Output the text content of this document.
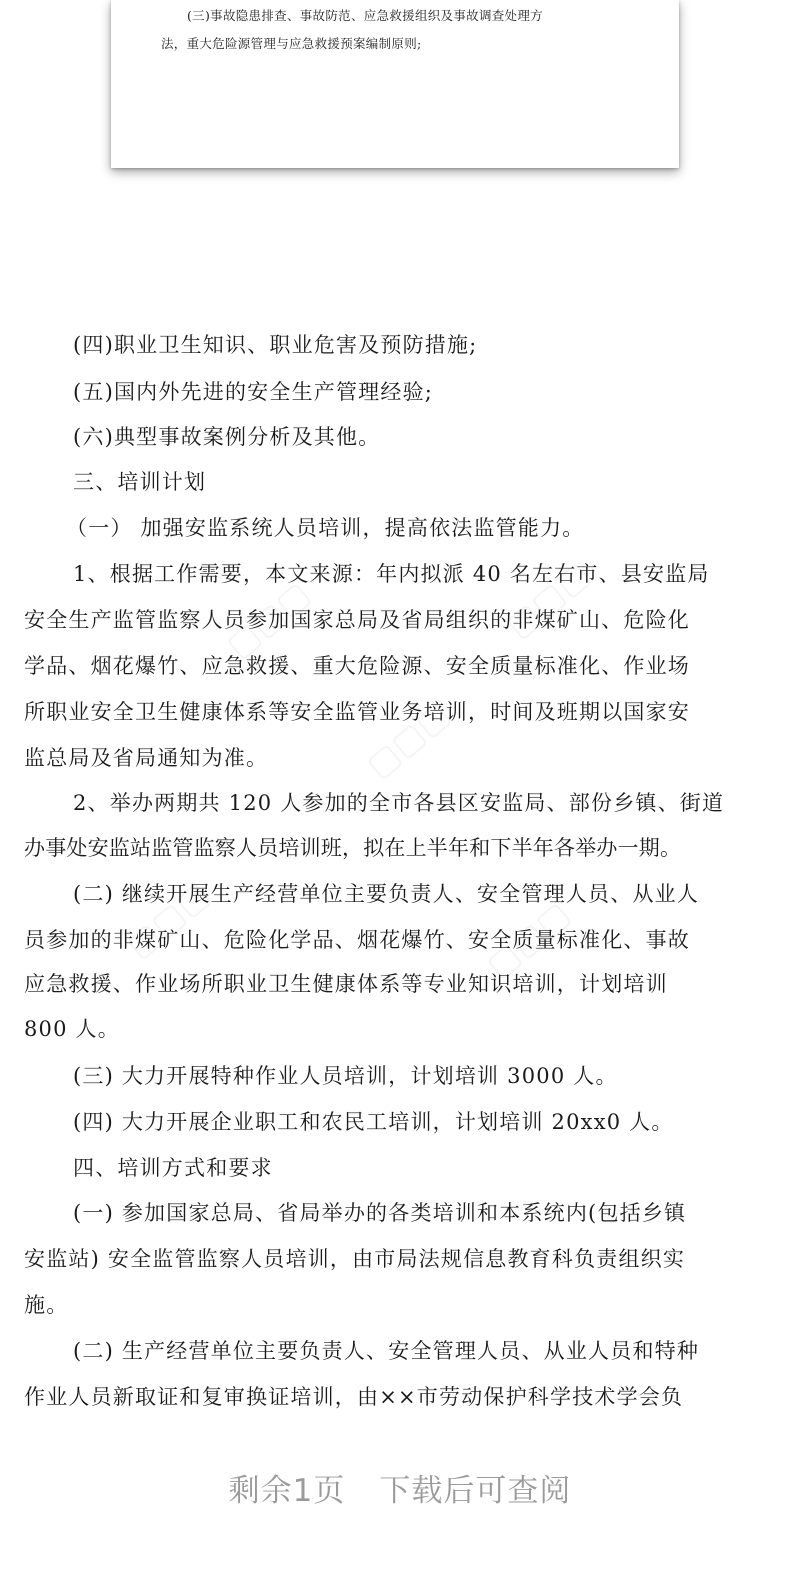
(三)事故隐患排查、事故防范、应急救援组织及事故调查处理方

法，重大危险源管理与应急救援预案编制原则;

(四)职业卫生知识、职业危害及预防措施;
(五)国内外先进的安全生产管理经验;
(六)典型事故案例分析及其他。
三、培训计划
（一） 加强安监系统人员培训，提高依法监管能力。
1、根据工作需要，本文来源：年内拟派 40 名左右市、县安监局
安全生产监管监察人员参加国家总局及省局组织的非煤矿山、危险化
学品、烟花爆竹、应急救援、重大危险源、安全质量标准化、作业场
所职业安全卫生健康体系等安全监管业务培训，时间及班期以国家安
监总局及省局通知为准。
2、举办两期共 120 人参加的全市各县区安监局、部份乡镇、街道
办事处安监站监管监察人员培训班，拟在上半年和下半年各举办一期。
(二) 继续开展生产经营单位主要负责人、安全管理人员、从业人
员参加的非煤矿山、危险化学品、烟花爆竹、安全质量标准化、事故
应急救援、作业场所职业卫生健康体系等专业知识培训，计划培训
800 人。
(三) 大力开展特种作业人员培训，计划培训 3000 人。
(四) 大力开展企业职工和农民工培训，计划培训 20xx0 人。
四、培训方式和要求
(一) 参加国家总局、省局举办的各类培训和本系统内(包括乡镇
安监站) 安全监管监察人员培训，由市局法规信息教育科负责组织实
施。
(二) 生产经营单位主要负责人、安全管理人员、从业人员和特种
作业人员新取证和复审换证培训，由××市劳动保护科学技术学会负
剩余1页 下载后可查阅
